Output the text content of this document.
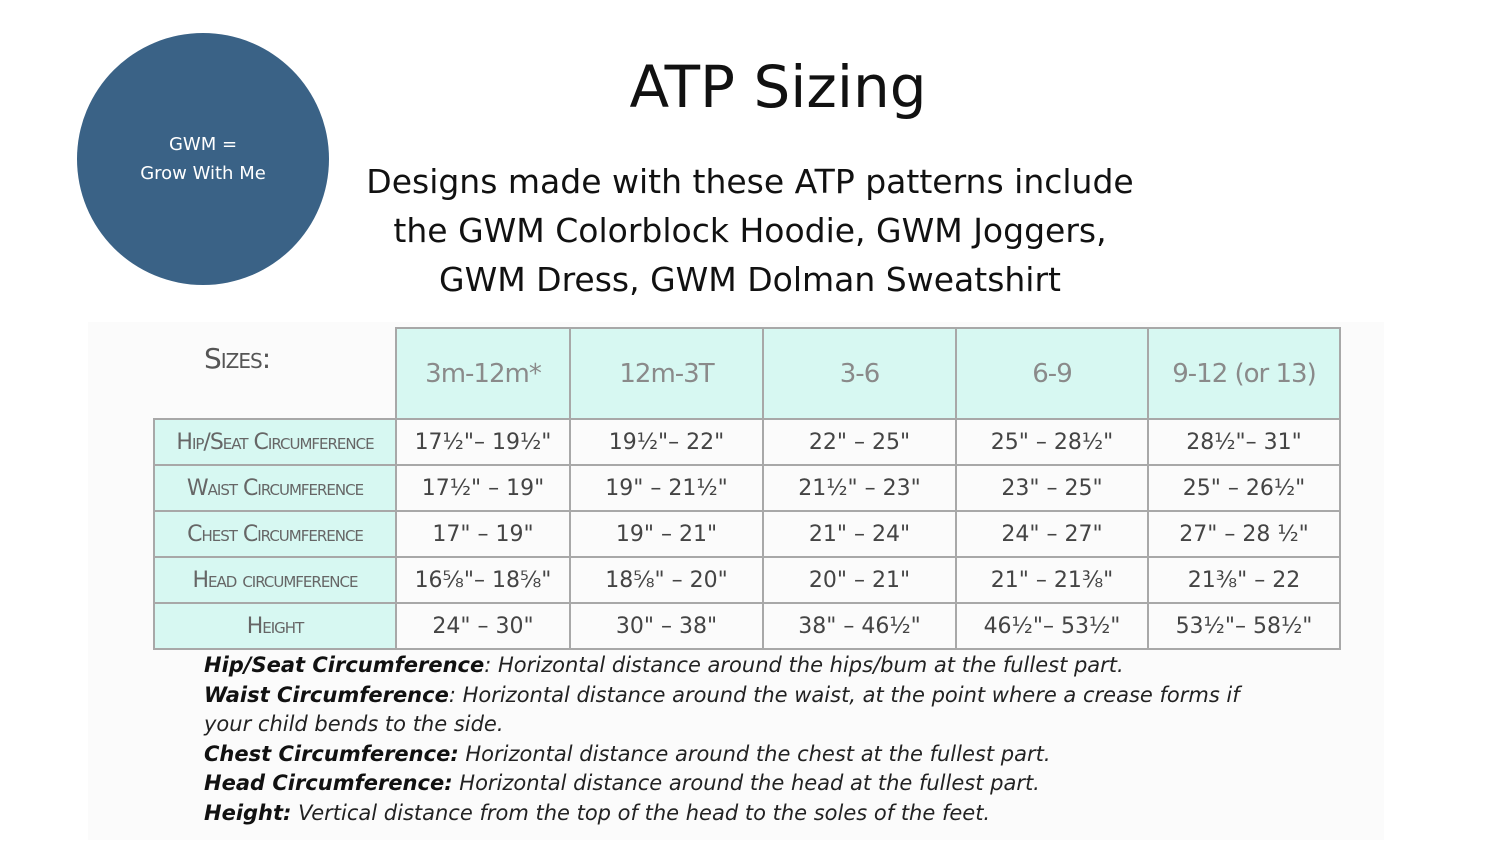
GWM =
Grow With Me
ATP Sizing
Designs made with these ATP patterns include
the GWM Colorblock Hoodie, GWM Joggers,
GWM Dress, GWM Dolman Sweatshirt
Sizes:	3m-12m*	12m-3T	3-6	6-9	9-12 (or 13)
Hip/Seat Circumference	17½"– 19½"	19½"– 22"	22" – 25"	25" – 28½"	28½"– 31"
Waist Circumference	17½" – 19"	19" – 21½"	21½" – 23"	23" – 25"	25" – 26½"
Chest Circumference	17" – 19"	19" – 21"	21" – 24"	24" – 27"	27" – 28 ½"
Head circumference	16⅝"– 18⅝"	18⅝" – 20"	20" – 21"	21" – 21⅜"	21⅜" – 22
Height	24" – 30"	30" – 38"	38" – 46½"	46½"– 53½"	53½"– 58½"
Hip/Seat Circumference: Horizontal distance around the hips/bum at the fullest part.
Waist Circumference: Horizontal distance around the waist, at the point where a crease forms if your child bends to the side.
Chest Circumference: Horizontal distance around the chest at the fullest part.
Head Circumference: Horizontal distance around the head at the fullest part.
Height: Vertical distance from the top of the head to the soles of the feet.
